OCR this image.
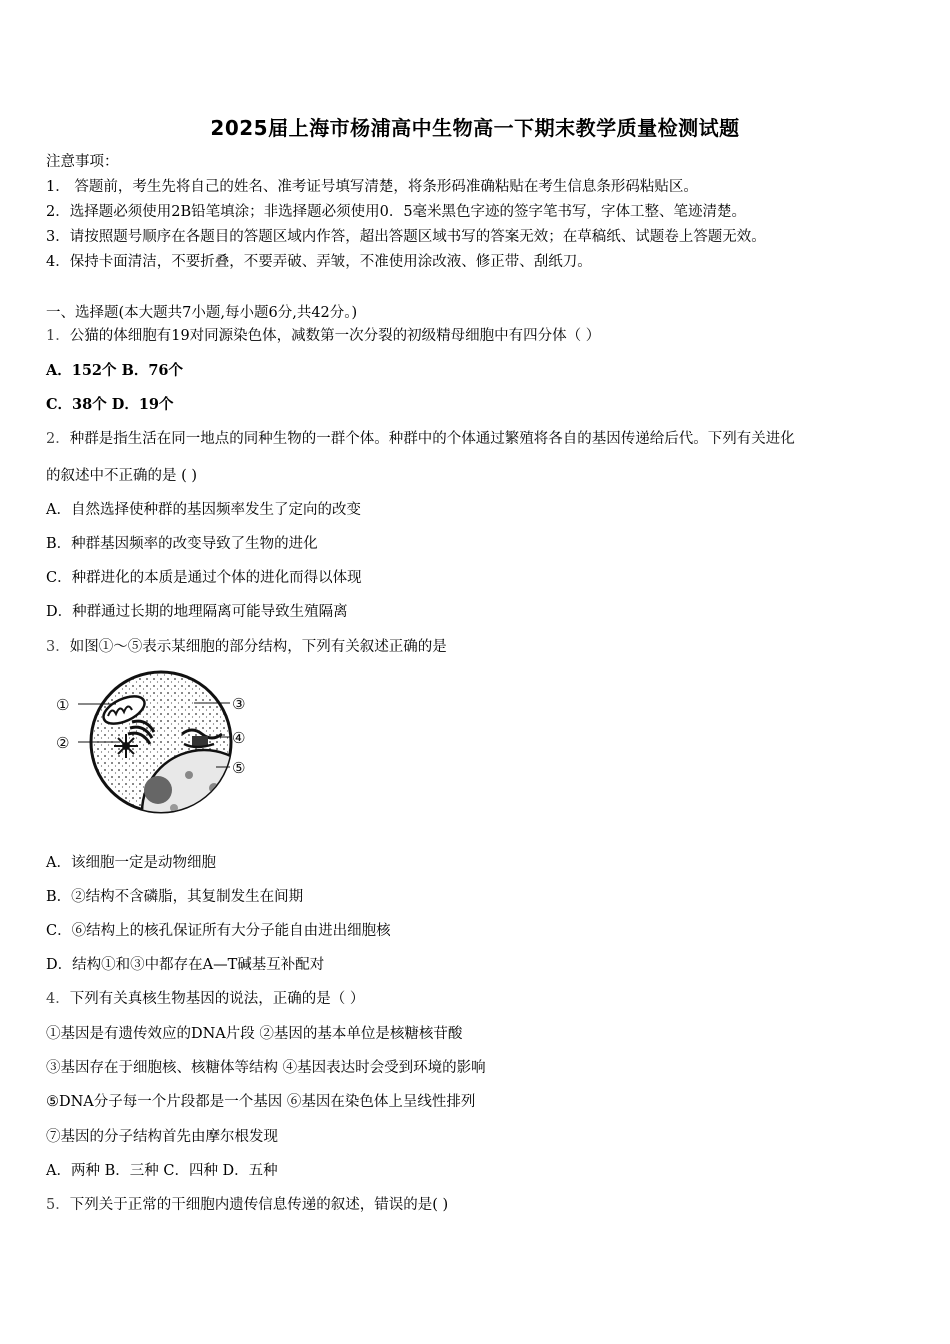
2025届上海市杨浦高中生物高一下期末教学质量检测试题
注意事项：
1． 答题前，考生先将自己的姓名、准考证号填写清楚，将条形码准确粘贴在考生信息条形码粘贴区。
2．选择题必须使用2B铅笔填涂；非选择题必须使用0．5毫米黑色字迹的签字笔书写，字体工整、笔迹清楚。
3．请按照题号顺序在各题目的答题区域内作答，超出答题区域书写的答案无效；在草稿纸、试题卷上答题无效。
4．保持卡面清洁，不要折叠，不要弄破、弄皱，不准使用涂改液、修正带、刮纸刀。
一、选择题(本大题共7小题,每小题6分,共42分。)
1．公猫的体细胞有19对同源染色体，减数第一次分裂的初级精母细胞中有四分体（ ）
A．152个 B．76个
C．38个 D．19个
2．种群是指生活在同一地点的同种生物的一群个体。种群中的个体通过繁殖将各自的基因传递给后代。下列有关进化
的叙述中不正确的是 ( )
A．自然选择使种群的基因频率发生了定向的改变
B．种群基因频率的改变导致了生物的进化
C．种群进化的本质是通过个体的进化而得以体现
D．种群通过长期的地理隔离可能导致生殖隔离
3．如图①～⑤表示某细胞的部分结构，下列有关叙述正确的是
①
②
③
④
⑤
A．该细胞一定是动物细胞
B．②结构不含磷脂，其复制发生在间期
C．⑥结构上的核孔保证所有大分子能自由进出细胞核
D．结构①和③中都存在A—T碱基互补配对
4．下列有关真核生物基因的说法，正确的是（ ）
①基因是有遗传效应的DNA片段 ②基因的基本单位是核糖核苷酸
③基因存在于细胞核、核糖体等结构 ④基因表达时会受到环境的影响
⑤DNA分子每一个片段都是一个基因 ⑥基因在染色体上呈线性排列
⑦基因的分子结构首先由摩尔根发现
A．两种 B．三种 C．四种 D．五种
5．下列关于正常的干细胞内遗传信息传递的叙述，错误的是( )
